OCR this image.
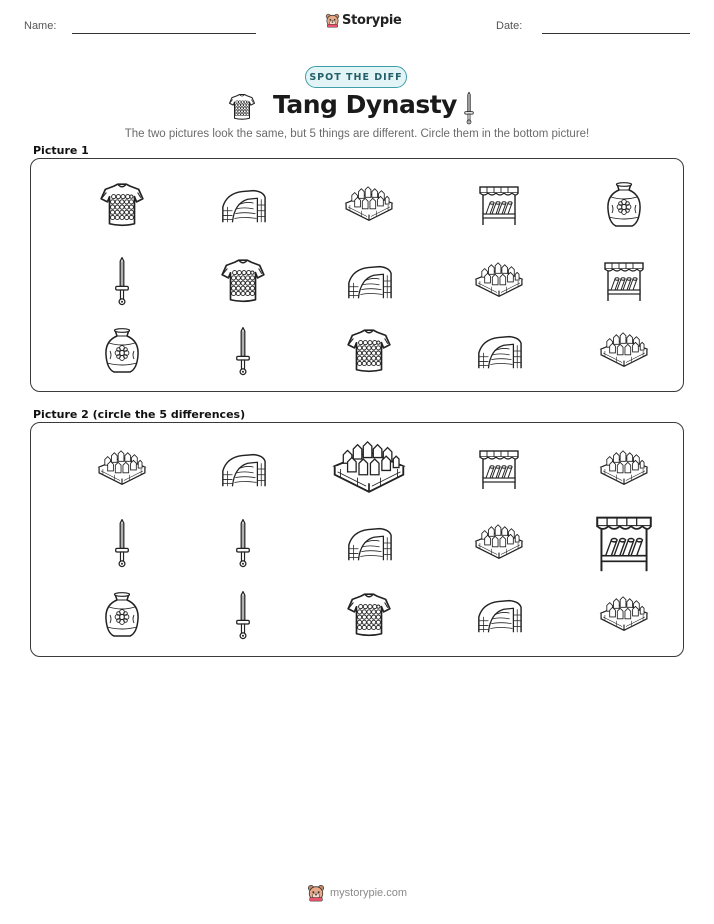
Name:	Storypie	Date:
SPOT THE DIFF
Tang Dynasty
The two pictures look the same, but 5 things are different. Circle them in the bottom picture!
Picture 1
Picture 2 (circle the 5 differences)
mystorypie.com
